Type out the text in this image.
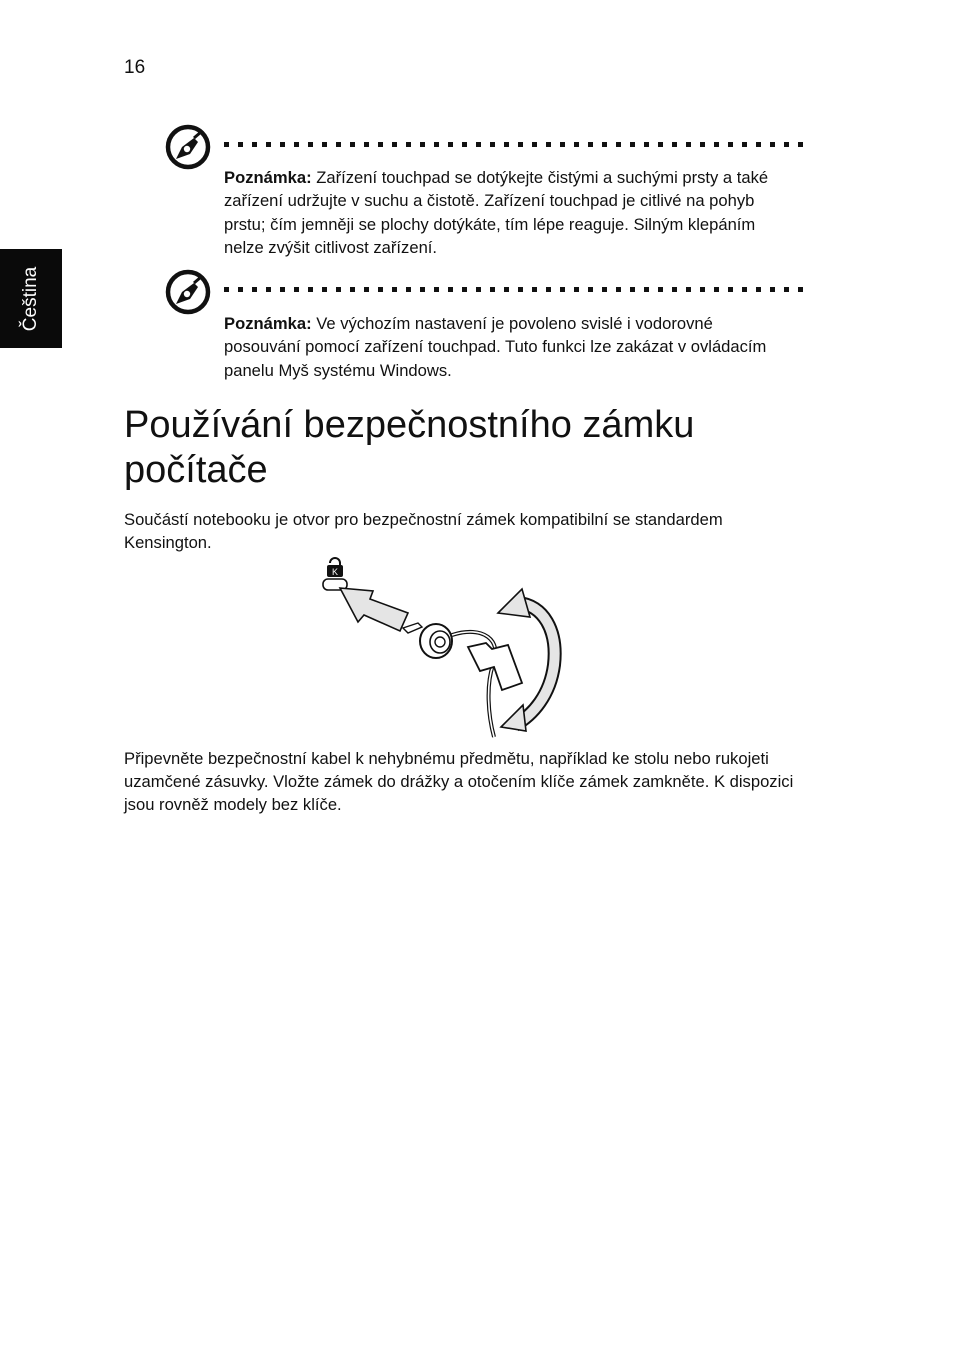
16
Čeština
Poznámka: Zařízení touchpad se dotýkejte čistými a suchými prsty a také zařízení udržujte v suchu a čistotě. Zařízení touchpad je citlivé na pohyb prstu; čím jemněji se plochy dotýkáte, tím lépe reaguje. Silným klepáním nelze zvýšit citlivost zařízení.
Poznámka: Ve výchozím nastavení je povoleno svislé i vodorovné posouvání pomocí zařízení touchpad. Tuto funkci lze zakázat v ovládacím panelu Myš systému Windows.
Používání bezpečnostního zámku počítače

Součástí notebooku je otvor pro bezpečnostní zámek kompatibilní se standardem Kensington.

K

Připevněte bezpečnostní kabel k nehybnému předmětu, například ke stolu nebo rukojeti uzamčené zásuvky. Vložte zámek do drážky a otočením klíče zámek zamkněte. K dispozici jsou rovněž modely bez klíče.
